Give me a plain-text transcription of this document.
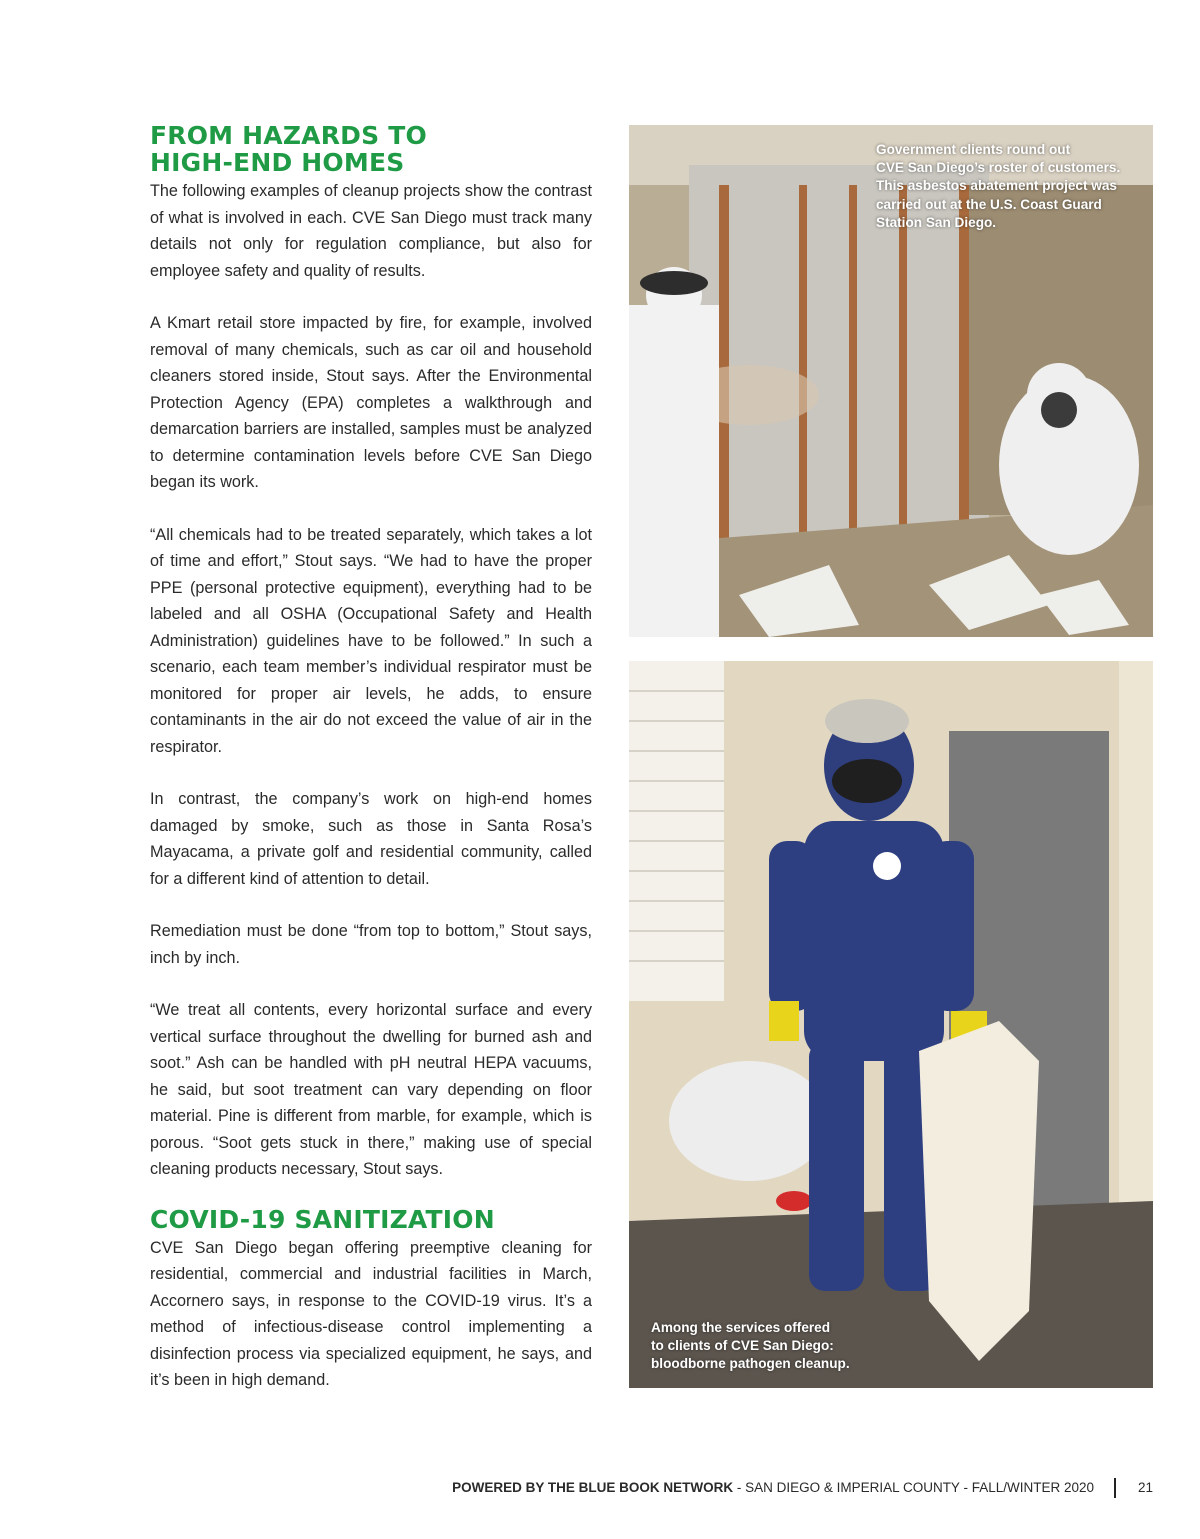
FROM HAZARDS TO
HIGH-END HOMES

The following examples of cleanup projects show the contrast of what is involved in each. CVE San Diego must track many details not only for regulation compliance, but also for employee safety and quality of results.

A Kmart retail store impacted by fire, for example, involved removal of many chemicals, such as car oil and household cleaners stored inside, Stout says. After the Environmental Protection Agency (EPA) completes a walkthrough and demarcation barriers are installed, samples must be analyzed to determine contamination levels before CVE San Diego began its work.

“All chemicals had to be treated separately, which takes a lot of time and effort,” Stout says. “We had to have the proper PPE (personal protective equipment), everything had to be labeled and all OSHA (Occupational Safety and Health Administration) guidelines have to be followed.” In such a scenario, each team member’s individual respirator must be monitored for proper air levels, he adds, to ensure contaminants in the air do not exceed the value of air in the respirator.

In contrast, the company’s work on high-end homes damaged by smoke, such as those in Santa Rosa’s Mayacama, a private golf and residential community, called for a different kind of attention to detail.

Remediation must be done “from top to bottom,” Stout says, inch by inch.

“We treat all contents, every horizontal surface and every vertical surface throughout the dwelling for burned ash and soot.” Ash can be handled with pH neutral HEPA vacuums, he said, but soot treatment can vary depending on floor material. Pine is different from marble, for example, which is porous. “Soot gets stuck in there,” making use of special cleaning products necessary, Stout says.

COVID-19 SANITIZATION

CVE San Diego began offering preemptive cleaning for residential, commercial and industrial facilities in March, Accornero says, in response to the COVID-19 virus. It’s a method of infectious-disease control implementing a disinfection process via specialized equipment, he says, and it’s been in high demand.

Government clients round out
CVE San Diego’s roster of customers.
This asbestos abatement project was
carried out at the U.S. Coast Guard
Station San Diego.
Among the services offered
to clients of CVE San Diego:
bloodborne pathogen cleanup.
POWERED BY THE BLUE BOOK NETWORK - SAN DIEGO & IMPERIAL COUNTY - FALL/WINTER 2020	21
